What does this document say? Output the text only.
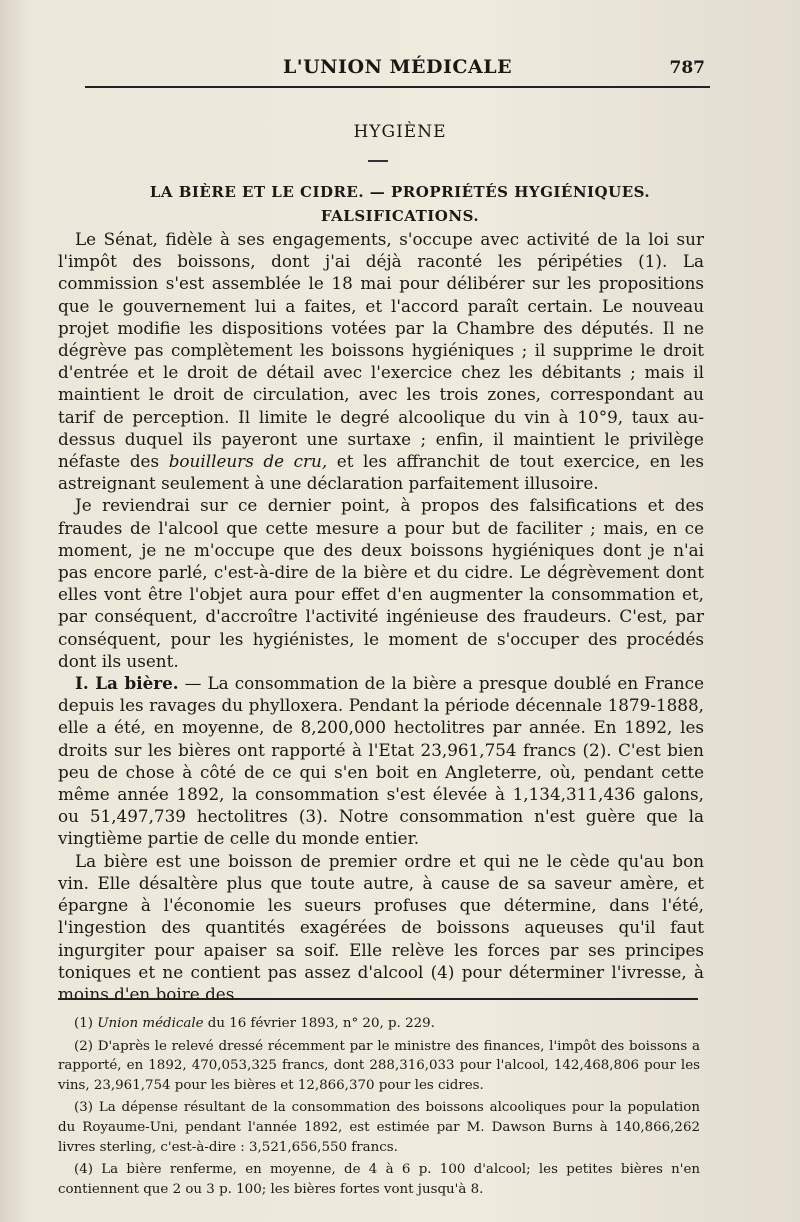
L'UNION MÉDICALE	787
HYGIÈNE
LA BIÈRE ET LE CIDRE. — PROPRIÉTÉS HYGIÉNIQUES.
FALSIFICATIONS.

Le Sénat, fidèle à ses engagements, s'occupe avec activité de la loi sur l'impôt des boissons, dont j'ai déjà raconté les péripéties (1). La commission s'est assemblée le 18 mai pour délibérer sur les propositions que le gouvernement lui a faites, et l'accord paraît certain. Le nouveau projet modifie les dispositions votées par la Chambre des députés. Il ne dégrève pas complètement les boissons hygiéniques ; il supprime le droit d'entrée et le droit de détail avec l'exercice chez les débitants ; mais il maintient le droit de circulation, avec les trois zones, correspondant au tarif de perception. Il limite le degré alcoolique du vin à 10°9, taux au-dessus duquel ils payeront une surtaxe ; enfin, il maintient le privilège néfaste des bouilleurs de cru, et les affranchit de tout exercice, en les astreignant seulement à une déclaration parfaitement illusoire.

Je reviendrai sur ce dernier point, à propos des falsifications et des fraudes de l'alcool que cette mesure a pour but de faciliter ; mais, en ce moment, je ne m'occupe que des deux boissons hygiéniques dont je n'ai pas encore parlé, c'est-à-dire de la bière et du cidre. Le dégrèvement dont elles vont être l'objet aura pour effet d'en augmenter la consommation et, par conséquent, d'accroître l'activité ingénieuse des fraudeurs. C'est, par conséquent, pour les hygiénistes, le moment de s'occuper des procédés dont ils usent.

I. La bière. — La consommation de la bière a presque doublé en France depuis les ravages du phylloxera. Pendant la période décennale 1879-1888, elle a été, en moyenne, de 8,200,000 hectolitres par année. En 1892, les droits sur les bières ont rapporté à l'Etat 23,961,754 francs (2). C'est bien peu de chose à côté de ce qui s'en boit en Angleterre, où, pendant cette même année 1892, la consommation s'est élevée à 1,134,311,436 galons, ou 51,497,739 hectolitres (3). Notre consommation n'est guère que la vingtième partie de celle du monde entier.

La bière est une boisson de premier ordre et qui ne le cède qu'au bon vin. Elle désaltère plus que toute autre, à cause de sa saveur amère, et épargne à l'économie les sueurs profuses que détermine, dans l'été, l'ingestion des quantités exagérées de boissons aqueuses qu'il faut ingurgiter pour apaiser sa soif. Elle relève les forces par ses principes toniques et ne contient pas assez d'alcool (4) pour déterminer l'ivresse, à moins d'en boire des

(1) Union médicale du 16 février 1893, n° 20, p. 229.

(2) D'après le relevé dressé récemment par le ministre des finances, l'impôt des boissons a rapporté, en 1892, 470,053,325 francs, dont 288,316,033 pour l'alcool, 142,468,806 pour les vins, 23,961,754 pour les bières et 12,866,370 pour les cidres.

(3) La dépense résultant de la consommation des boissons alcooliques pour la population du Royaume-Uni, pendant l'année 1892, est estimée par M. Dawson Burns à 140,866,262 livres sterling, c'est-à-dire : 3,521,656,550 francs.

(4) La bière renferme, en moyenne, de 4 à 6 p. 100 d'alcool; les petites bières n'en contiennent que 2 ou 3 p. 100; les bières fortes vont jusqu'à 8.
